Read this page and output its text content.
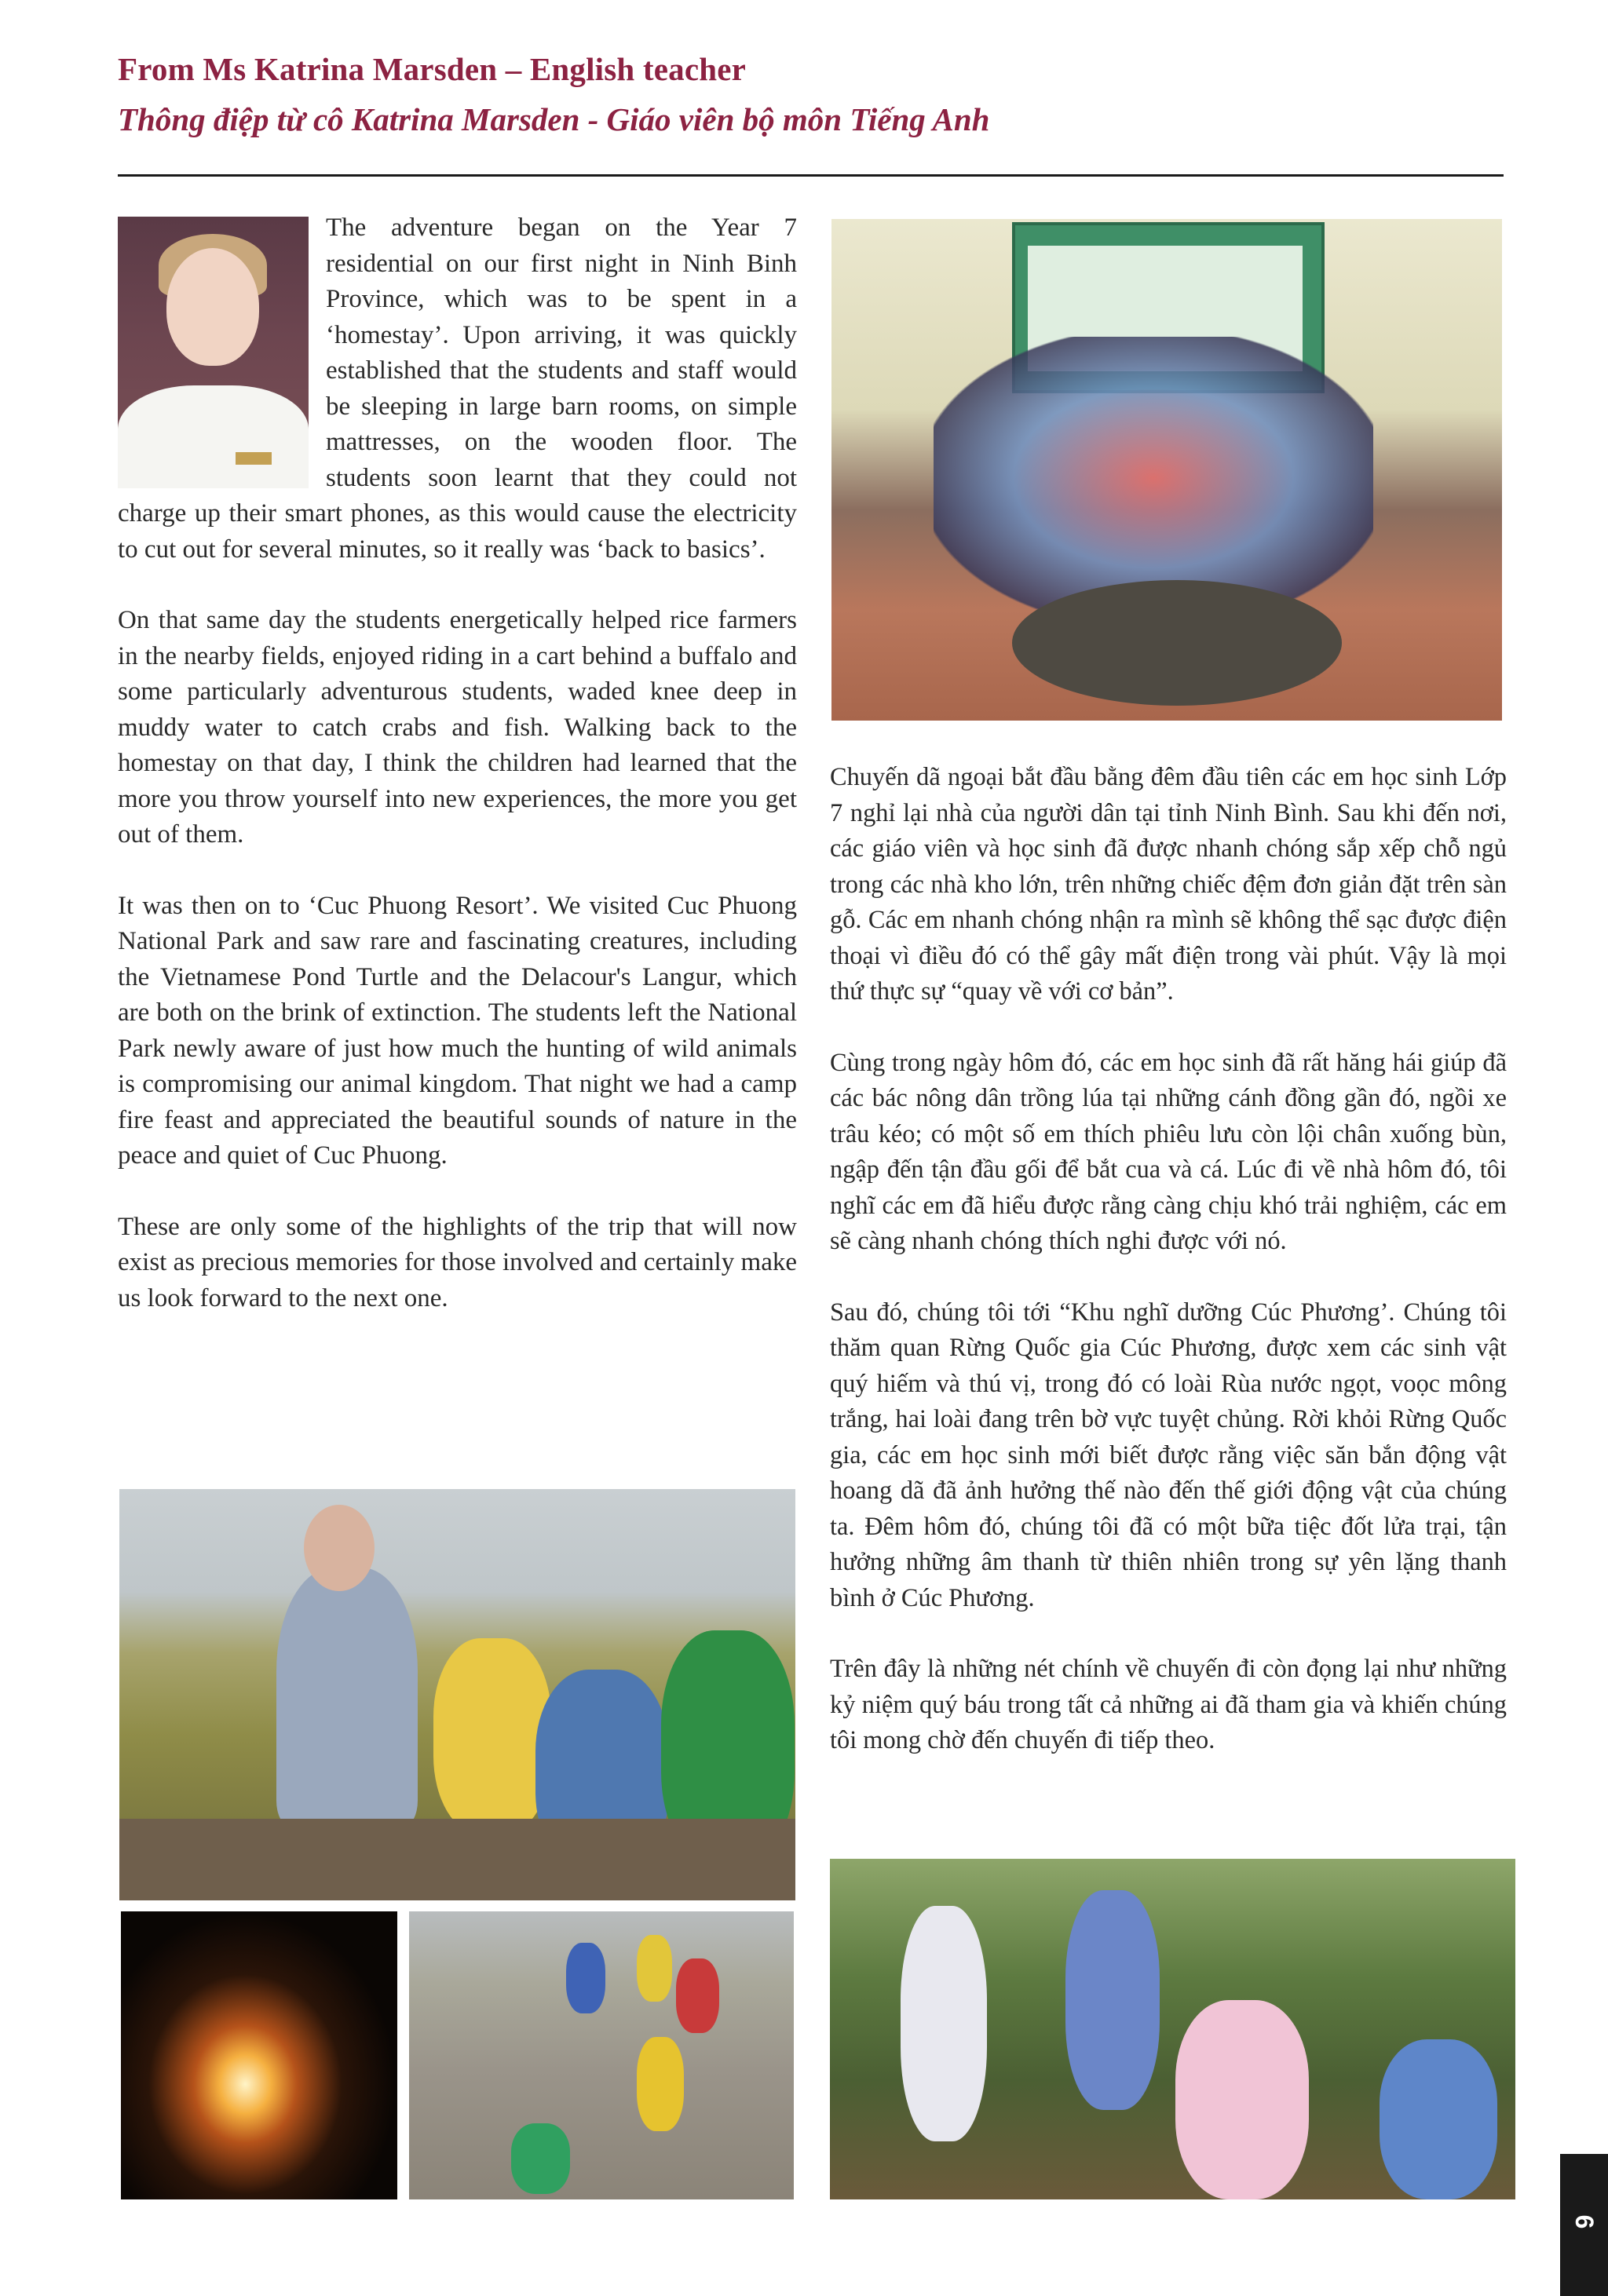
From Ms Katrina Marsden – English teacher
Thông điệp từ cô Katrina Marsden - Giáo viên bộ môn Tiếng Anh

The adventure began on the Year 7 residential on our first night in Ninh Binh Province, which was to be spent in a ‘homestay’. Upon arriving, it was quickly established that the students and staff would be sleeping in large barn rooms, on simple mattresses, on the wooden floor. The students soon learnt that they could not charge up their smart phones, as this would cause the electricity to cut out for several minutes, so it really was ‘back to basics’.

On that same day the students energetically helped rice farmers in the nearby fields, enjoyed riding in a cart behind a buffalo and some particularly adventurous students, waded knee deep in muddy water to catch crabs and fish. Walking back to the homestay on that day, I think the children had learned that the more you throw yourself into new experiences, the more you get out of them.

It was then on to ‘Cuc Phuong Resort’. We visited Cuc Phuong National Park and saw rare and fascinating creatures, including the Vietnamese Pond Turtle and the Delacour's Langur, which are both on the brink of extinction. The students left the National Park newly aware of just how much the hunting of wild animals is compromising our animal kingdom. That night we had a camp fire feast and appreciated the beautiful sounds of nature in the peace and quiet of Cuc Phuong.

These are only some of the highlights of the trip that will now exist as precious memories for those involved and certainly make us look forward to the next one.

Chuyến dã ngoại bắt đầu bằng đêm đầu tiên các em học sinh Lớp 7 nghỉ lại nhà của người dân tại tỉnh Ninh Bình. Sau khi đến nơi, các giáo viên và học sinh đã được nhanh chóng sắp xếp chỗ ngủ trong các nhà kho lớn, trên những chiếc đệm đơn giản đặt trên sàn gỗ. Các em nhanh chóng nhận ra mình sẽ không thể sạc được điện thoại vì điều đó có thể gây mất điện trong vài phút. Vậy là mọi thứ thực sự “quay về với cơ bản”.

Cùng trong ngày hôm đó, các em học sinh đã rất hăng hái giúp đã các bác nông dân trồng lúa tại những cánh đồng gần đó, ngồi xe trâu kéo; có một số em thích phiêu lưu còn lội chân xuống bùn, ngập đến tận đầu gối để bắt cua và cá. Lúc đi về nhà hôm đó, tôi nghĩ các em đã hiểu được rằng càng chịu khó trải nghiệm, các em sẽ càng nhanh chóng thích nghi được với nó.

Sau đó, chúng tôi tới “Khu nghĩ dưỡng Cúc Phương’. Chúng tôi thăm quan Rừng Quốc gia Cúc Phương, được xem các sinh vật quý hiếm và thú vị, trong đó có loài Rùa nước ngọt, voọc mông trắng, hai loài đang trên bờ vực tuyệt chủng. Rời khỏi Rừng Quốc gia, các em học sinh mới biết được rằng việc săn bắn động vật hoang dã đã ảnh hưởng thế nào đến thế giới động vật của chúng ta. Đêm hôm đó, chúng tôi đã có một bữa tiệc đốt lửa trại, tận hưởng những âm thanh từ thiên nhiên trong sự yên lặng thanh bình ở Cúc Phương.

Trên đây là những nét chính về chuyến đi còn đọng lại như những kỷ niệm quý báu trong tất cả những ai đã tham gia và khiến chúng tôi mong chờ đến chuyến đi tiếp theo.

6
